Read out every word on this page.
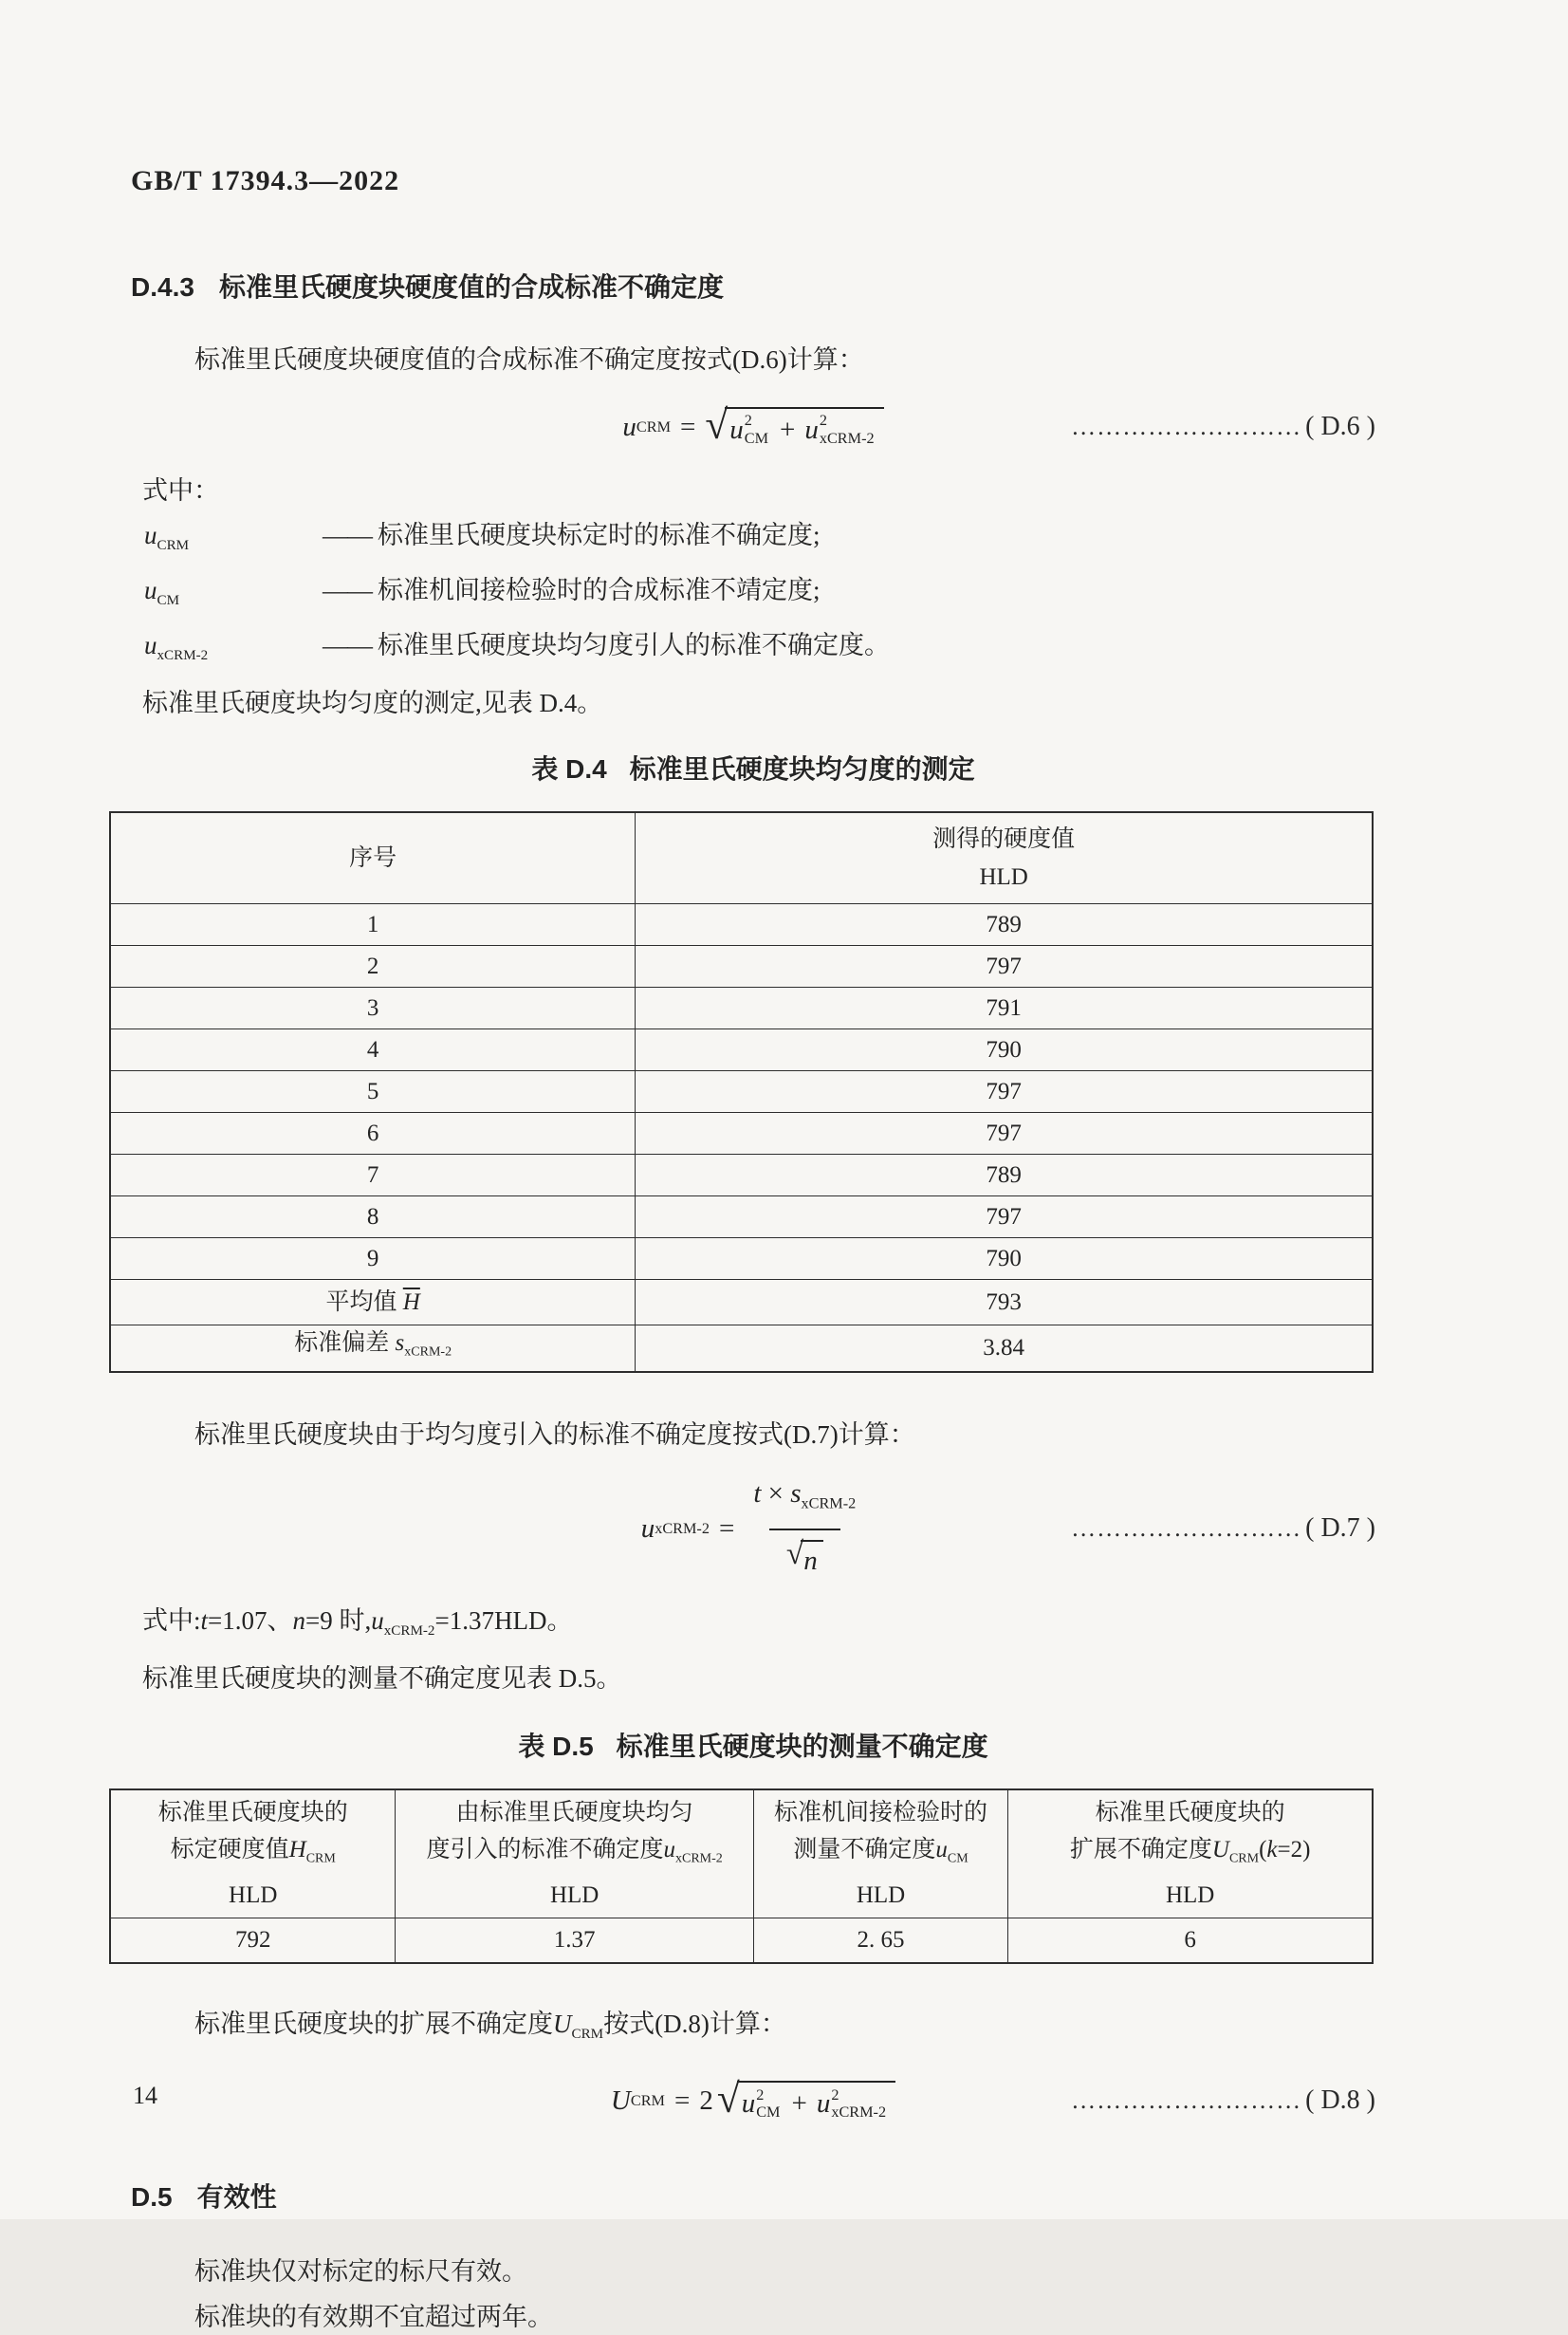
GB/T 17394.3—2022
D.4.3 标准里氏硬度块硬度值的合成标准不确定度

标准里氏硬度块硬度值的合成标准不确定度按式(D.6)计算：

u CRM = √ u 2
CM + u 2
xCRM-2	……………………… ( D.6 )

式中：

$u_{CRM}$	—— 标准里氏硬度块标定时的标准不确定度;
$u_{CM}$	—— 标准机间接检验时的合成标准不靖定度;
$u_{xCRM-2}$	—— 标准里氏硬度块均匀度引人的标准不确定度。

标准里氏硬度块均匀度的测定,见表 D.4。

表 D.4 标准里氏硬度块均匀度的测定
序号	测得的硬度值
HLD

1	789
2	797
3	791
4	790
5	797
6	797
7	789
8	797
9	790
平均值 $\overline{H}$	793
标准偏差 $s_{xCRM-2}$	3.84

标准里氏硬度块由于均匀度引入的标准不确定度按式(D.7)计算：

u xCRM-2 = $\frac{t \times s_{xCRM-2}}{√ n}$	……………………… ( D.7 )

式中:t=1.07、n=9 时$,u_{xCRM-2}=1.37HLD$。

标准里氏硬度块的测量不确定度见表 D.5。

表 D.5 标准里氏硬度块的测量不确定度
标准里氏硬度块的
标定硬度值$H_{CRM}$
HLD	由标准里氏硬度块均匀
度引入的标准不确定度$u_{xCRM-2}$
HLD	标准机间接检验时的
测量不确定度$u_{CM}$
HLD	标准里氏硬度块的
扩展不确定度$U_{CRM}(k=2)$
HLD

792	1.37	2. 65	6

标准里氏硬度块的扩展不确定度$U_{CRM}$按式(D.8)计算：

U CRM = 2 √ u 2
CM + u 2
xCRM-2	……………………… ( D.8 )
D.5 有效性

标准块仅对标定的标尺有效。

标准块的有效期不宜超过两年。

14
